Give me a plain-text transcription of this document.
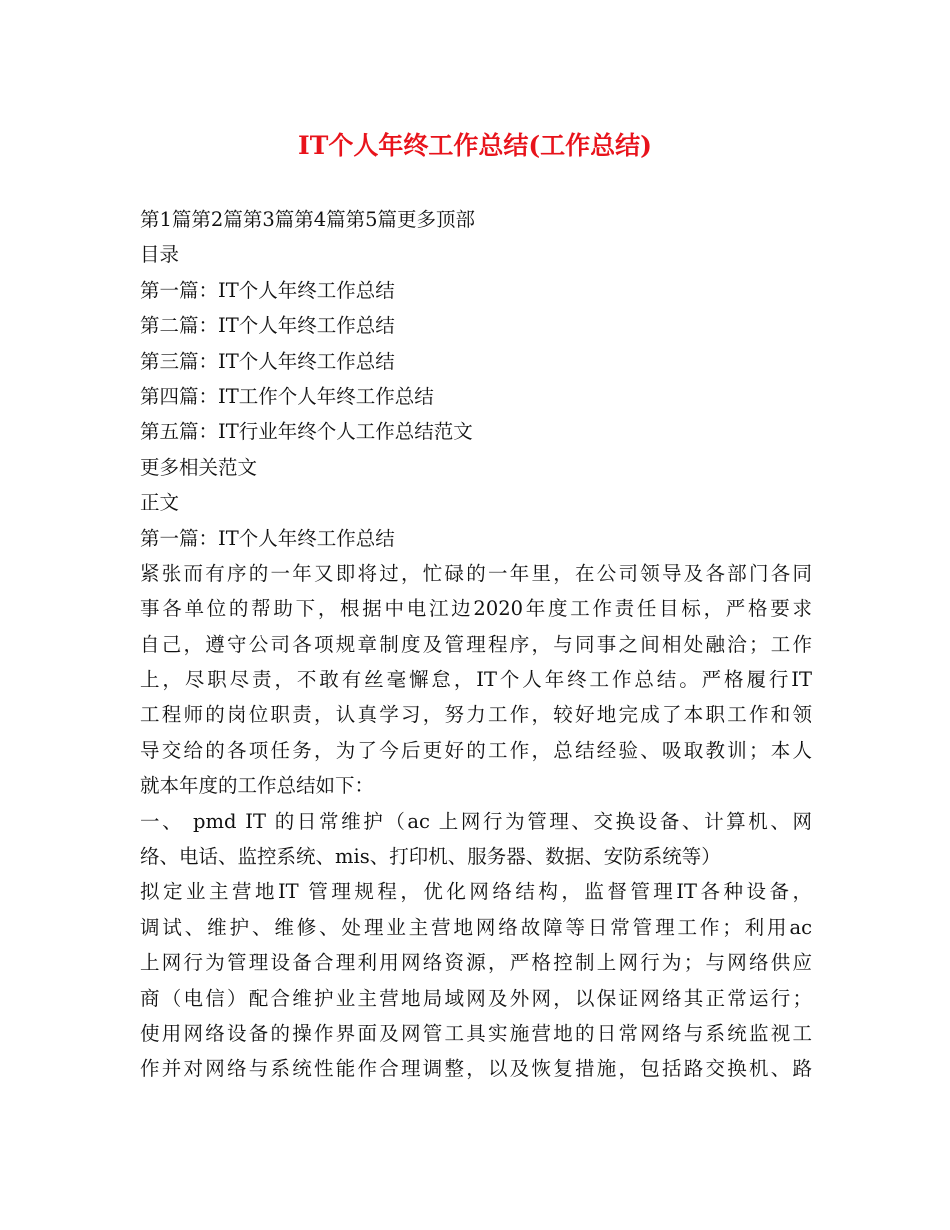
IT个人年终工作总结(工作总结)

第1篇第2篇第3篇第4篇第5篇更多顶部

目录

第一篇：IT个人年终工作总结

第二篇：IT个人年终工作总结

第三篇：IT个人年终工作总结

第四篇：IT工作个人年终工作总结

第五篇：IT行业年终个人工作总结范文

更多相关范文

正文

第一篇：IT个人年终工作总结

紧张而有序的一年又即将过，忙碌的一年里，在公司领导及各部门各同
事各单位的帮助下，根据中电江边2020年度工作责任目标，严格要求
自己，遵守公司各项规章制度及管理程序，与同事之间相处融洽；工作
上，尽职尽责，不敢有丝毫懈怠，IT个人年终工作总结。严格履行IT
工程师的岗位职责，认真学习，努力工作，较好地完成了本职工作和领
导交给的各项任务，为了今后更好的工作，总结经验、吸取教训；本人
就本年度的工作总结如下：
一、 pmd IT 的日常维护（ac 上网行为管理、交换设备、计算机、网
络、电话、监控系统、mis、打印机、服务器、数据、安防系统等）
拟定业主营地IT 管理规程，优化网络结构，监督管理IT各种设备，
调试、维护、维修、处理业主营地网络故障等日常管理工作；利用ac
上网行为管理设备合理利用网络资源，严格控制上网行为；与网络供应
商（电信）配合维护业主营地局域网及外网，以保证网络其正常运行；
使用网络设备的操作界面及网管工具实施营地的日常网络与系统监视工
作并对网络与系统性能作合理调整，以及恢复措施，包括路交换机、路
